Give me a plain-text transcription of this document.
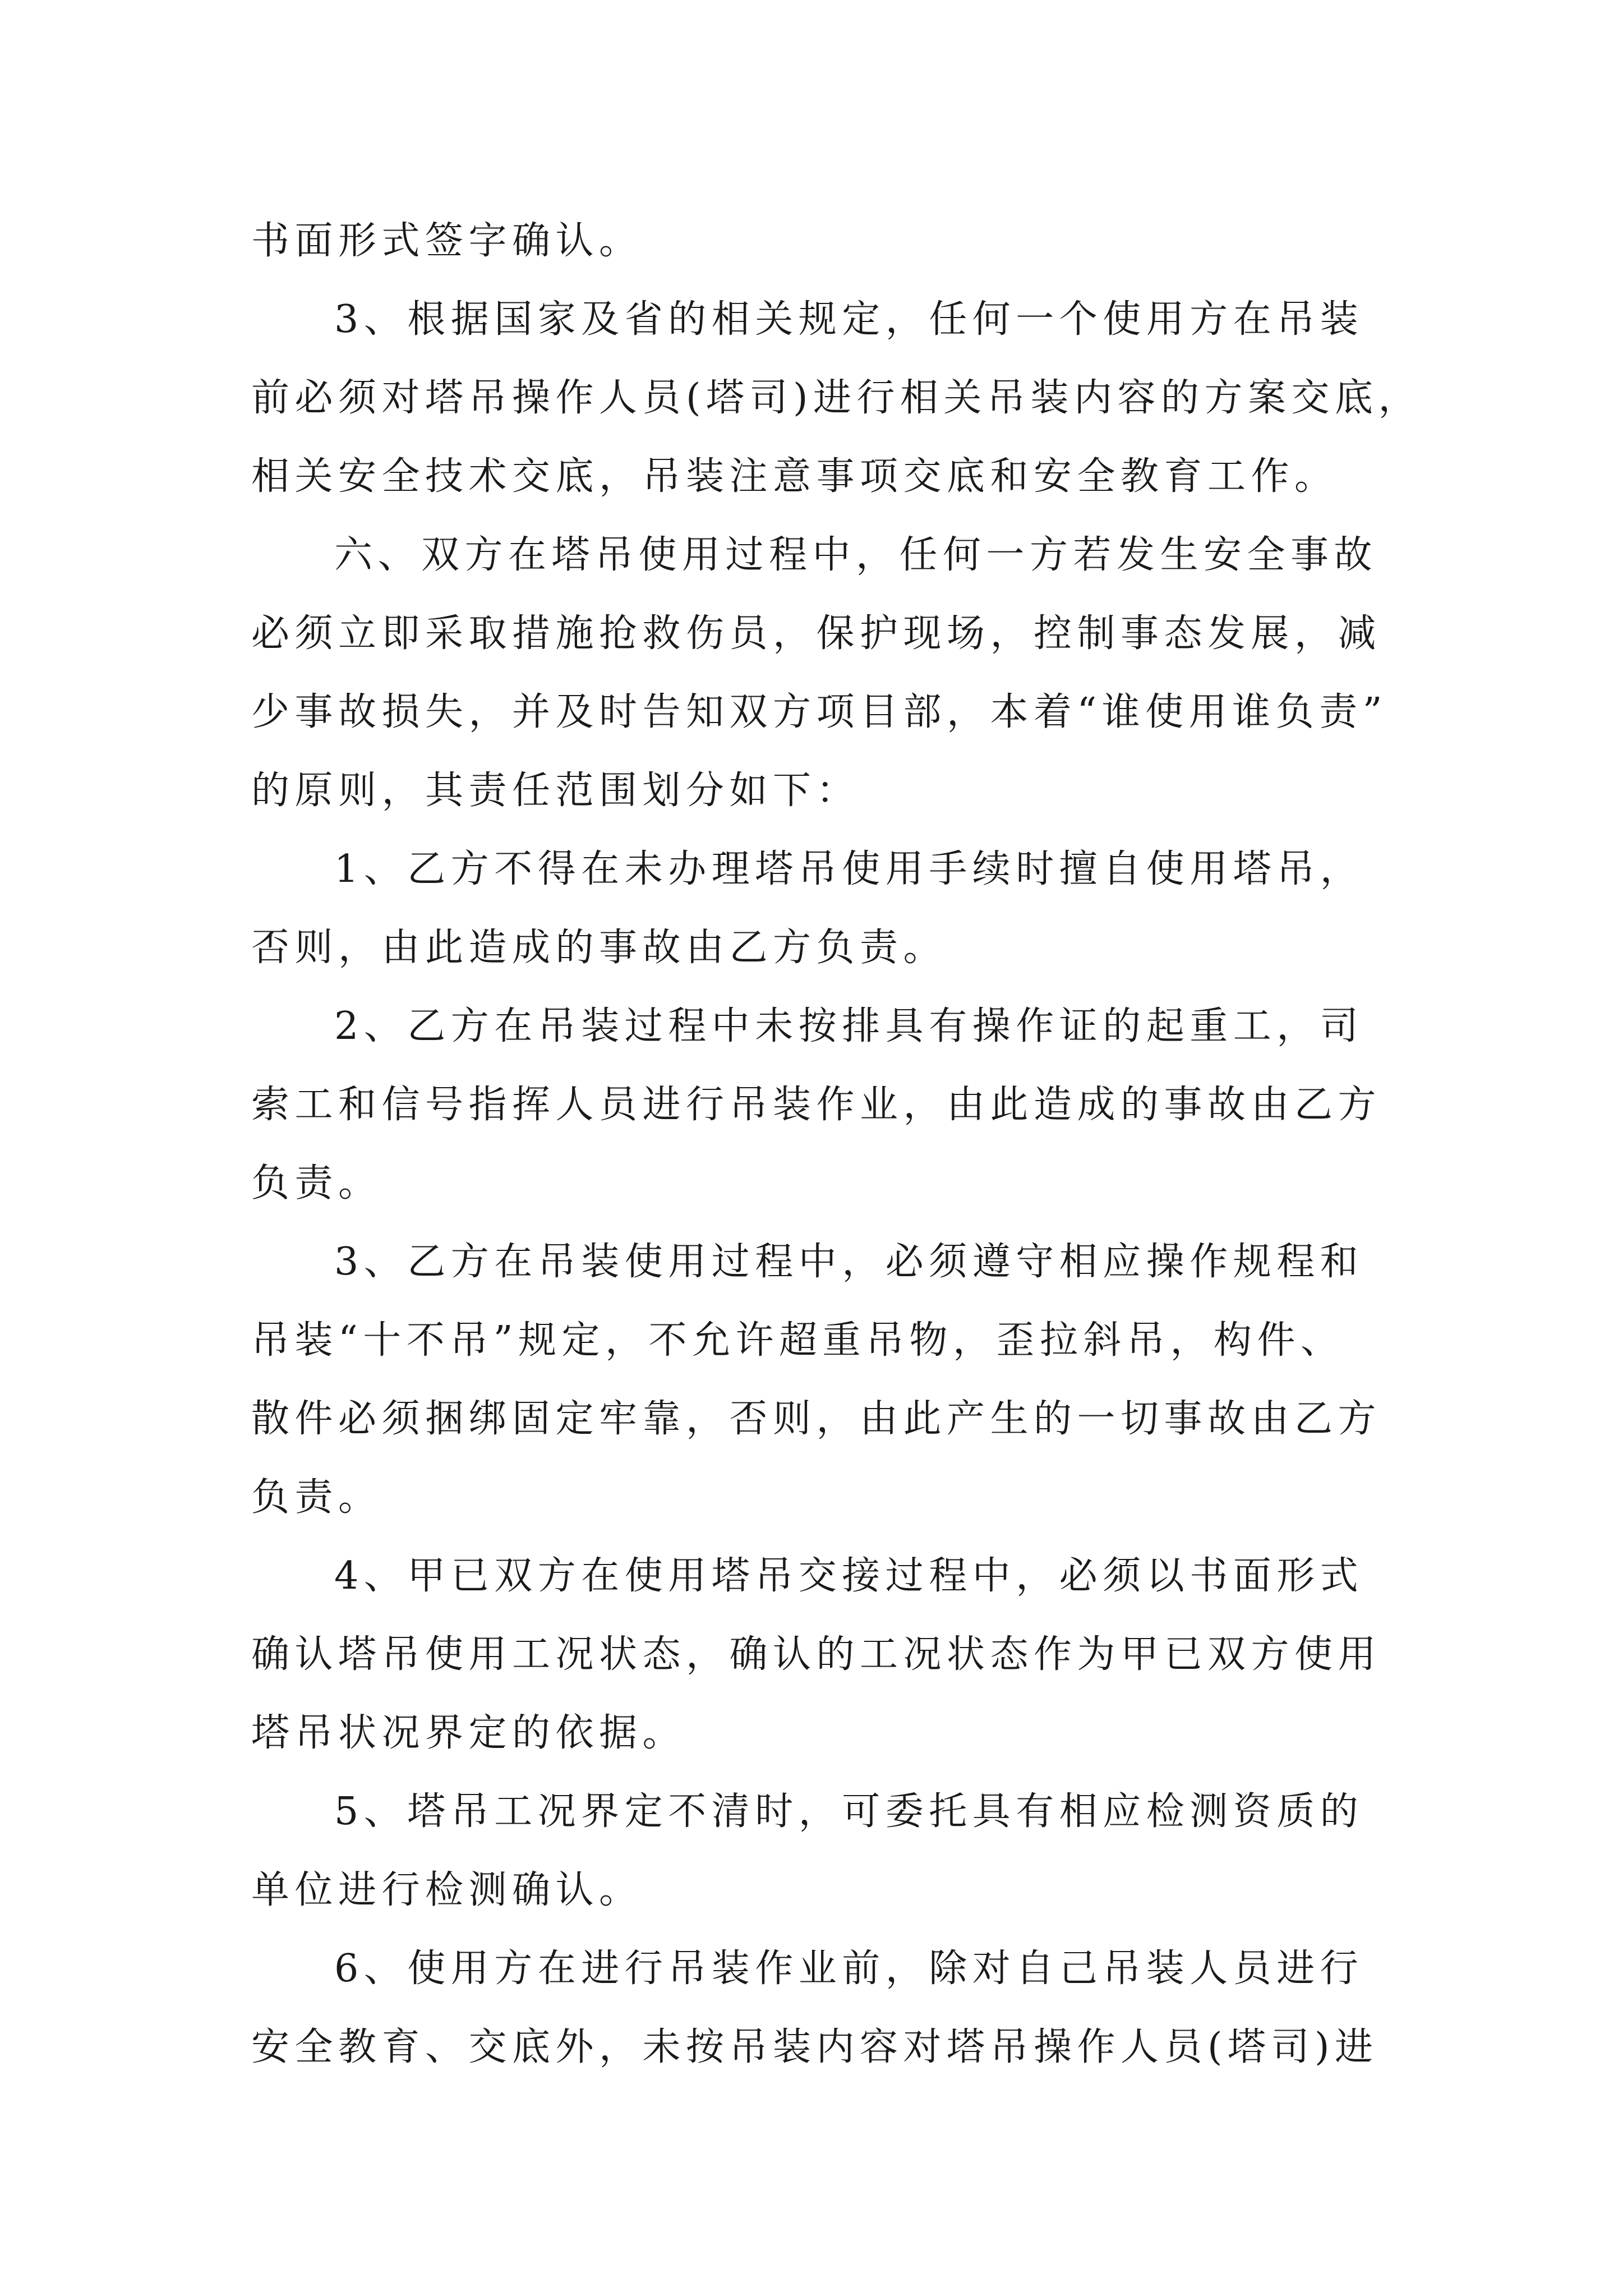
书面形式签字确认。
3、根据国家及省的相关规定，任何一个使用方在吊装
前必须对塔吊操作人员(塔司)进行相关吊装内容的方案交底，
相关安全技术交底，吊装注意事项交底和安全教育工作。
六、双方在塔吊使用过程中，任何一方若发生安全事故
必须立即采取措施抢救伤员，保护现场，控制事态发展，减
少事故损失，并及时告知双方项目部，本着“谁使用谁负责”
的原则，其责任范围划分如下：
1、乙方不得在未办理塔吊使用手续时擅自使用塔吊，
否则，由此造成的事故由乙方负责。
2、乙方在吊装过程中未按排具有操作证的起重工，司
索工和信号指挥人员进行吊装作业，由此造成的事故由乙方
负责。
3、乙方在吊装使用过程中，必须遵守相应操作规程和
吊装“十不吊”规定，不允许超重吊物，歪拉斜吊，构件、
散件必须捆绑固定牢靠，否则，由此产生的一切事故由乙方
负责。
4、甲已双方在使用塔吊交接过程中，必须以书面形式
确认塔吊使用工况状态，确认的工况状态作为甲已双方使用
塔吊状况界定的依据。
5、塔吊工况界定不清时，可委托具有相应检测资质的
单位进行检测确认。
6、使用方在进行吊装作业前，除对自己吊装人员进行
安全教育、交底外，未按吊装内容对塔吊操作人员(塔司)进
